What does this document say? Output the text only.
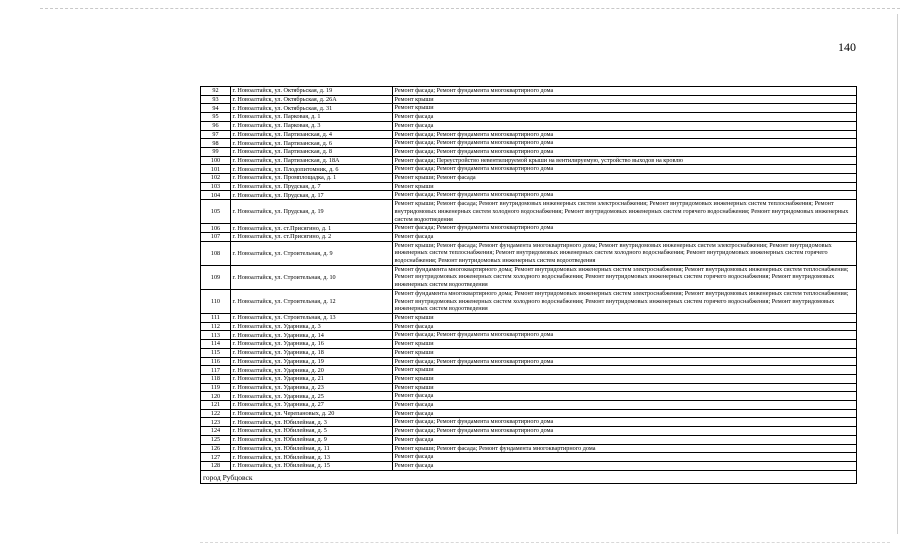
140
92	г. Новоалтайск, ул. Октябрьская, д. 19	Ремонт фасада; Ремонт фундамента многоквартирного дома
93	г. Новоалтайск, ул. Октябрьская, д. 26А	Ремонт крыши
94	г. Новоалтайск, ул. Октябрьская, д. 31	Ремонт крыши
95	г. Новоалтайск, ул. Парковая, д. 1	Ремонт фасада
96	г. Новоалтайск, ул. Парковая, д. 3	Ремонт фасада
97	г. Новоалтайск, ул. Партизанская, д. 4	Ремонт фасада; Ремонт фундамента многоквартирного дома
98	г. Новоалтайск, ул. Партизанская, д. 6	Ремонт фасада; Ремонт фундамента многоквартирного дома
99	г. Новоалтайск, ул. Партизанская, д. 8	Ремонт фасада; Ремонт фундамента многоквартирного дома
100	г. Новоалтайск, ул. Партизанская, д. 18А	Ремонт фасада; Переустройство невентилируемой крыши на вентилируемую, устройство выходов на кровлю
101	г. Новоалтайск, ул. Плодопитомник, д. 6	Ремонт фасада; Ремонт фундамента многоквартирного дома
102	г. Новоалтайск, ул. Промплощадка, д. 1	Ремонт крыши; Ремонт фасада
103	г. Новоалтайск, ул. Прудская, д. 7	Ремонт крыши
104	г. Новоалтайск, ул. Прудская, д. 17	Ремонт фасада; Ремонт фундамента многоквартирного дома
105	г. Новоалтайск, ул. Прудская, д. 19	Ремонт крыши; Ремонт фасада; Ремонт внутридомовых инженерных систем электроснабжения; Ремонт внутридомовых инженерных систем теплоснабжения; Ремонт внутридомовых инженерных систем холодного водоснабжения; Ремонт внутридомовых инженерных систем горячего водоснабжения; Ремонт внутридомовых инженерных систем водоотведения
106	г. Новоалтайск, ул. ст.Присягино, д. 1	Ремонт фасада; Ремонт фундамента многоквартирного дома
107	г. Новоалтайск, ул. ст.Присягино, д. 2	Ремонт фасада
108	г. Новоалтайск, ул. Строительная, д. 9	Ремонт крыши; Ремонт фасада; Ремонт фундамента многоквартирного дома; Ремонт внутридомовых инженерных систем электроснабжения; Ремонт внутридомовых инженерных систем теплоснабжения; Ремонт внутридомовых инженерных систем холодного водоснабжения; Ремонт внутридомовых инженерных систем горячего водоснабжения; Ремонт внутридомовых инженерных систем водоотведения
109	г. Новоалтайск, ул. Строительная, д. 10	Ремонт фундамента многоквартирного дома; Ремонт внутридомовых инженерных систем электроснабжения; Ремонт внутридомовых инженерных систем теплоснабжения; Ремонт внутридомовых инженерных систем холодного водоснабжения; Ремонт внутридомовых инженерных систем горячего водоснабжения; Ремонт внутридомовых инженерных систем водоотведения
110	г. Новоалтайск, ул. Строительная, д. 12	Ремонт фундамента многоквартирного дома; Ремонт внутридомовых инженерных систем электроснабжения; Ремонт внутридомовых инженерных систем теплоснабжения; Ремонт внутридомовых инженерных систем холодного водоснабжения; Ремонт внутридомовых инженерных систем горячего водоснабжения; Ремонт внутридомовых инженерных систем водоотведения
111	г. Новоалтайск, ул. Строительная, д. 13	Ремонт крыши
112	г. Новоалтайск, ул. Ударника, д. 3	Ремонт фасада
113	г. Новоалтайск, ул. Ударника, д. 14	Ремонт фасада; Ремонт фундамента многоквартирного дома
114	г. Новоалтайск, ул. Ударника, д. 16	Ремонт крыши
115	г. Новоалтайск, ул. Ударника, д. 18	Ремонт крыши
116	г. Новоалтайск, ул. Ударника, д. 19	Ремонт фасада; Ремонт фундамента многоквартирного дома
117	г. Новоалтайск, ул. Ударника, д. 20	Ремонт крыши
118	г. Новоалтайск, ул. Ударника, д. 21	Ремонт крыши
119	г. Новоалтайск, ул. Ударника, д. 23	Ремонт крыши
120	г. Новоалтайск, ул. Ударника, д. 25	Ремонт фасада
121	г. Новоалтайск, ул. Ударника, д. 27	Ремонт фасада
122	г. Новоалтайск, ул. Черепановых, д. 20	Ремонт фасада
123	г. Новоалтайск, ул. Юбилейная, д. 3	Ремонт фасада; Ремонт фундамента многоквартирного дома
124	г. Новоалтайск, ул. Юбилейная, д. 5	Ремонт фасада; Ремонт фундамента многоквартирного дома
125	г. Новоалтайск, ул. Юбилейная, д. 9	Ремонт фасада
126	г. Новоалтайск, ул. Юбилейная, д. 11	Ремонт крыши; Ремонт фасада; Ремонт фундамента многоквартирного дома
127	г. Новоалтайск, ул. Юбилейная, д. 13	Ремонт фасада
128	г. Новоалтайск, ул. Юбилейная, д. 15	Ремонт фасада
город Рубцовск
